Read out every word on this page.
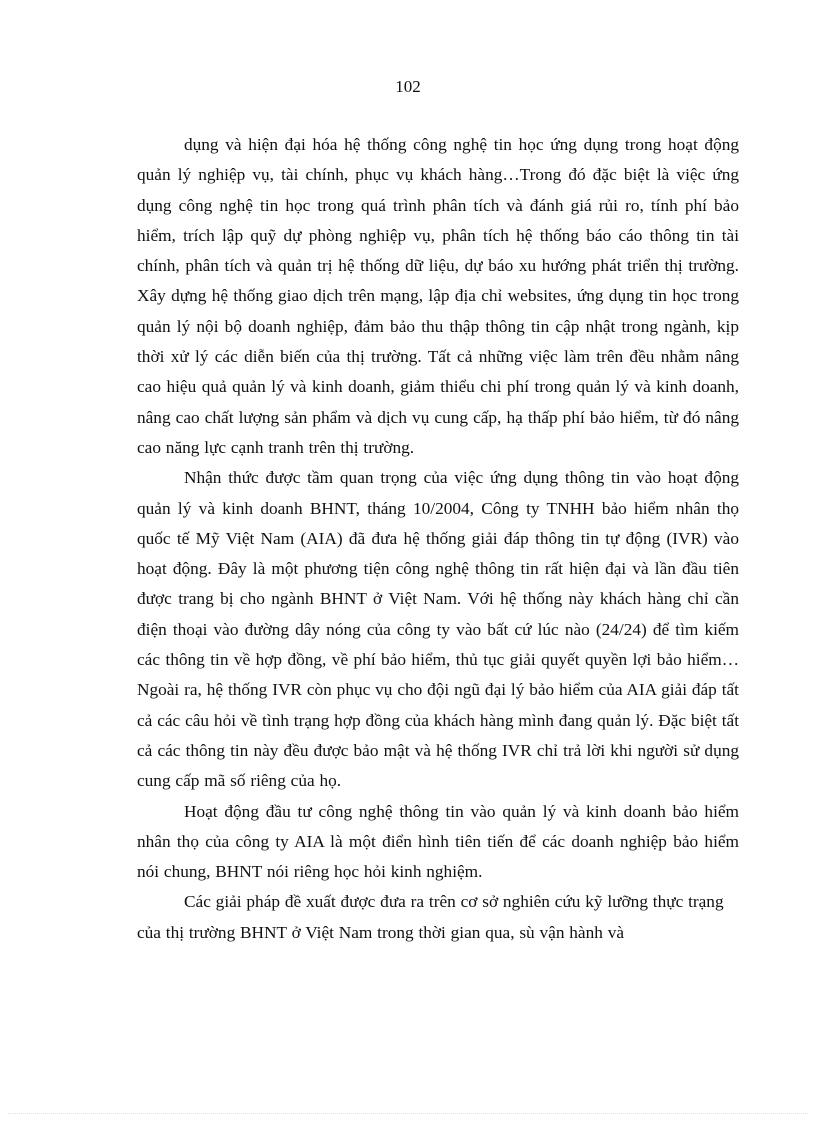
102

dụng và hiện đại hóa hệ thống công nghệ tin học ứng dụng trong hoạt động quản lý nghiệp vụ, tài chính, phục vụ khách hàng…Trong đó đặc biệt là việc ứng dụng công nghệ tin học trong quá trình phân tích và đánh giá rủi ro, tính phí bảo hiểm, trích lập quỹ dự phòng nghiệp vụ, phân tích hệ thống báo cáo thông tin tài chính, phân tích và quản trị hệ thống dữ liệu, dự báo xu hướng phát triển thị trường. Xây dựng hệ thống giao dịch trên mạng, lập địa chỉ websites, ứng dụng tin học trong quản lý nội bộ doanh nghiệp, đảm bảo thu thập thông tin cập nhật trong ngành, kịp thời xử lý các diễn biến của thị trường. Tất cả những việc làm trên đều nhằm nâng cao hiệu quả quản lý và kinh doanh, giảm thiểu chi phí trong quản lý và kinh doanh, nâng cao chất lượng sản phẩm và dịch vụ cung cấp, hạ thấp phí bảo hiểm, từ đó nâng cao năng lực cạnh tranh trên thị trường.

Nhận thức được tầm quan trọng của việc ứng dụng thông tin vào hoạt động quản lý và kinh doanh BHNT, tháng 10/2004, Công ty TNHH bảo hiểm nhân thọ quốc tế Mỹ Việt Nam (AIA) đã đưa hệ thống giải đáp thông tin tự động (IVR) vào hoạt động. Đây là một phương tiện công nghệ thông tin rất hiện đại và lần đầu tiên được trang bị cho ngành BHNT ở Việt Nam. Với hệ thống này khách hàng chỉ cần điện thoại vào đường dây nóng của công ty vào bất cứ lúc nào (24/24) để tìm kiếm các thông tin về hợp đồng, về phí bảo hiểm, thủ tục giải quyết quyền lợi bảo hiểm…Ngoài ra, hệ thống IVR còn phục vụ cho đội ngũ đại lý bảo hiểm của AIA giải đáp tất cả các câu hỏi về tình trạng hợp đồng của khách hàng mình đang quản lý. Đặc biệt tất cả các thông tin này đều được bảo mật và hệ thống IVR chỉ trả lời khi người sử dụng cung cấp mã số riêng của họ.

Hoạt động đầu tư công nghệ thông tin vào quản lý và kinh doanh bảo hiểm nhân thọ của công ty AIA là một điển hình tiên tiến để các doanh nghiệp bảo hiểm nói chung, BHNT nói riêng học hỏi kinh nghiệm.

Các giải pháp đề xuất được đưa ra trên cơ sở nghiên cứu kỹ lưỡng thực trạng của thị trường BHNT ở Việt Nam trong thời gian qua, sù vận hành và
